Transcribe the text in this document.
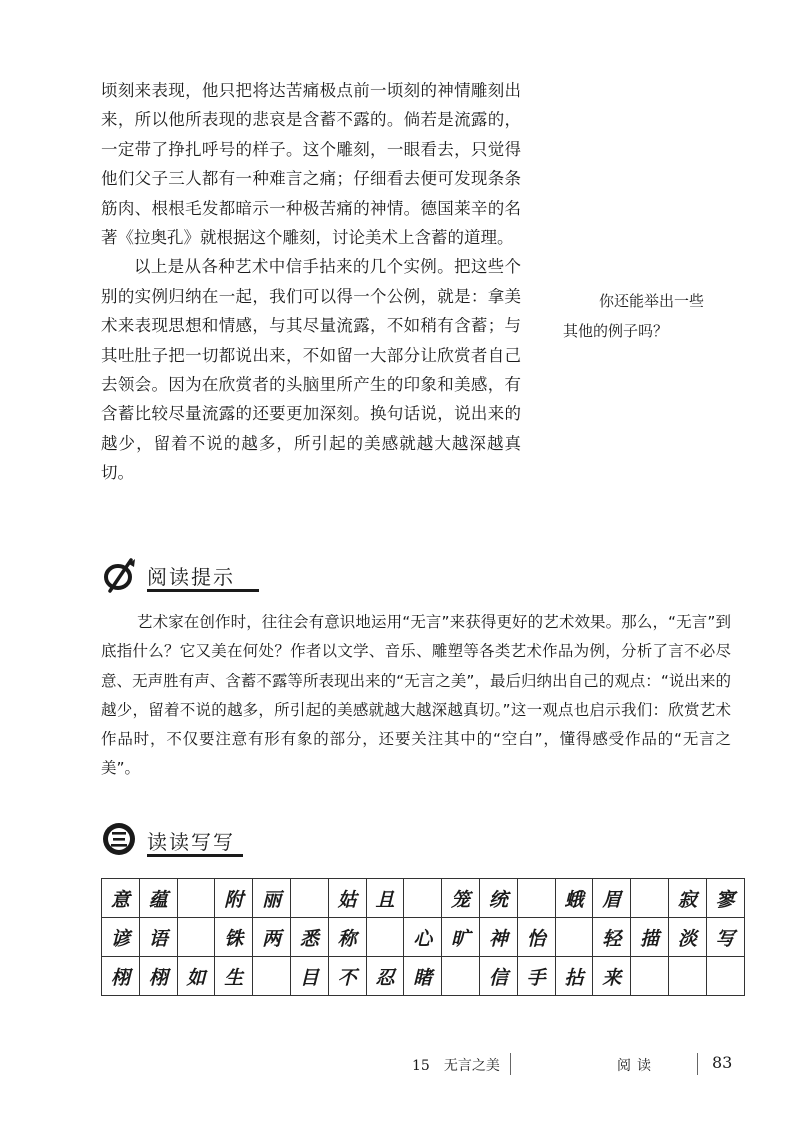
顷刻来表现，他只把将达苦痛极点前一顷刻的神情雕刻出来，所以他所表现的悲哀是含蓄不露的。倘若是流露的，一定带了挣扎呼号的样子。这个雕刻，一眼看去，只觉得他们父子三人都有一种难言之痛；仔细看去便可发现条条筋肉、根根毛发都暗示一种极苦痛的神情。德国莱辛的名著《拉奥孔》就根据这个雕刻，讨论美术上含蓄的道理。

以上是从各种艺术中信手拈来的几个实例。把这些个别的实例归纳在一起，我们可以得一个公例，就是：拿美术来表现思想和情感，与其尽量流露，不如稍有含蓄；与其吐肚子把一切都说出来，不如留一大部分让欣赏者自己去领会。因为在欣赏者的头脑里所产生的印象和美感，有含蓄比较尽量流露的还要更加深刻。换句话说，说出来的越少，留着不说的越多，所引起的美感就越大越深越真切。

你还能举出一些
其他的例子吗？
阅读提示

艺术家在创作时，往往会有意识地运用“无言”来获得更好的艺术效果。那么，“无言”到底指什么？它又美在何处？作者以文学、音乐、雕塑等各类艺术作品为例，分析了言不必尽意、无声胜有声、含蓄不露等所表现出来的“无言之美”，最后归纳出自己的观点：“说出来的越少，留着不说的越多，所引起的美感就越大越深越真切。”这一观点也启示我们：欣赏艺术作品时，不仅要注意有形有象的部分，还要关注其中的“空白”，懂得感受作品的“无言之美”。

读读写写
意	蕴		附	丽		姑	且		笼	统		蛾	眉		寂	寥
谚	语		铢	两	悉	称		心	旷	神	怡		轻	描	淡	写
栩	栩	如	生		目	不	忍	睹		信	手	拈	来			
15　无言之美	阅读	83
